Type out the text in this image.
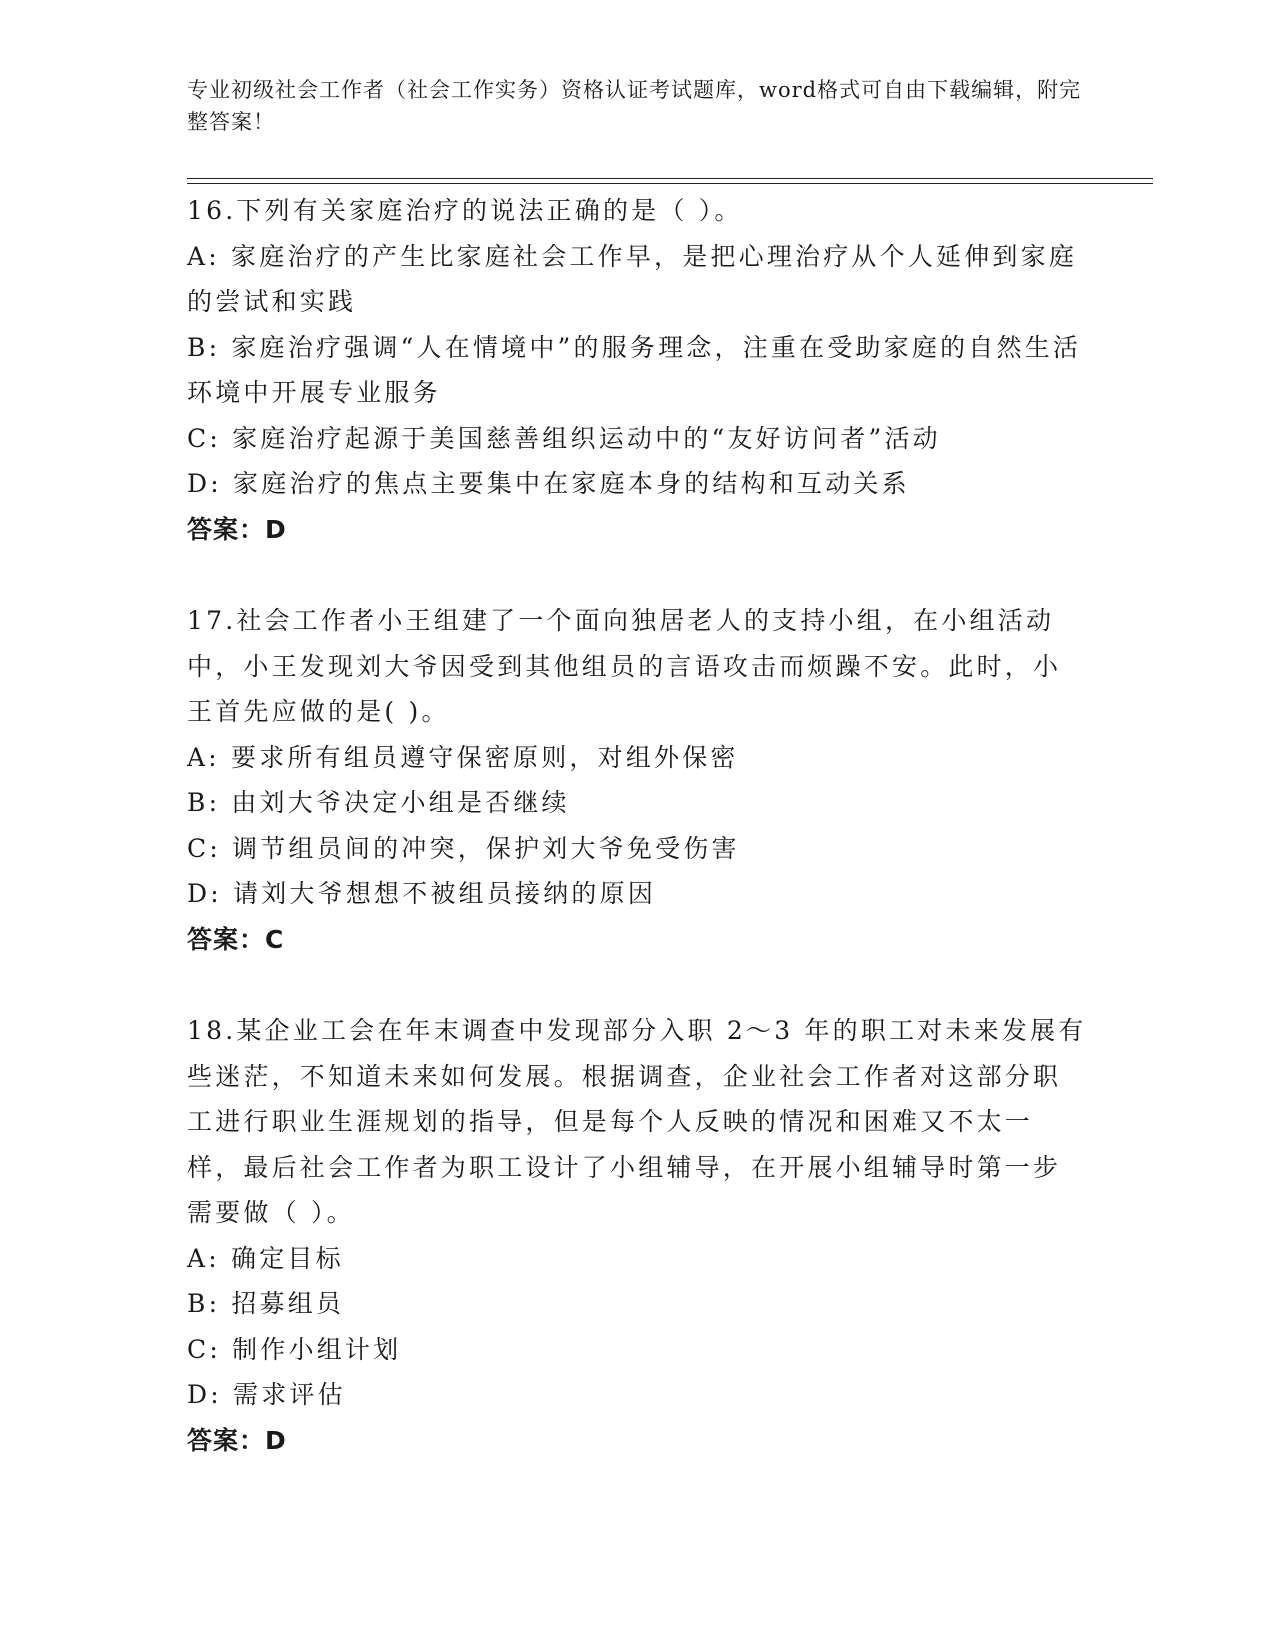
专业初级社会工作者（社会工作实务）资格认证考试题库，word格式可自由下载编辑，附完整答案！

16.下列有关家庭治疗的说法正确的是（ ）。

A: 家庭治疗的产生比家庭社会工作早，是把心理治疗从个人延伸到家庭的尝试和实践

B: 家庭治疗强调“人在情境中”的服务理念，注重在受助家庭的自然生活环境中开展专业服务

C: 家庭治疗起源于美国慈善组织运动中的“友好访问者”活动

D: 家庭治疗的焦点主要集中在家庭本身的结构和互动关系

答案：D

17.社会工作者小王组建了一个面向独居老人的支持小组，在小组活动中，小王发现刘大爷因受到其他组员的言语攻击而烦躁不安。此时，小王首先应做的是( )。

A: 要求所有组员遵守保密原则，对组外保密

B: 由刘大爷决定小组是否继续

C: 调节组员间的冲突，保护刘大爷免受伤害

D: 请刘大爷想想不被组员接纳的原因

答案：C

18.某企业工会在年末调查中发现部分入职 2～3 年的职工对未来发展有些迷茫，不知道未来如何发展。根据调查，企业社会工作者对这部分职工进行职业生涯规划的指导，但是每个人反映的情况和困难又不太一样，最后社会工作者为职工设计了小组辅导，在开展小组辅导时第一步需要做（ ）。

A: 确定目标

B: 招募组员

C: 制作小组计划

D: 需求评估

答案：D
